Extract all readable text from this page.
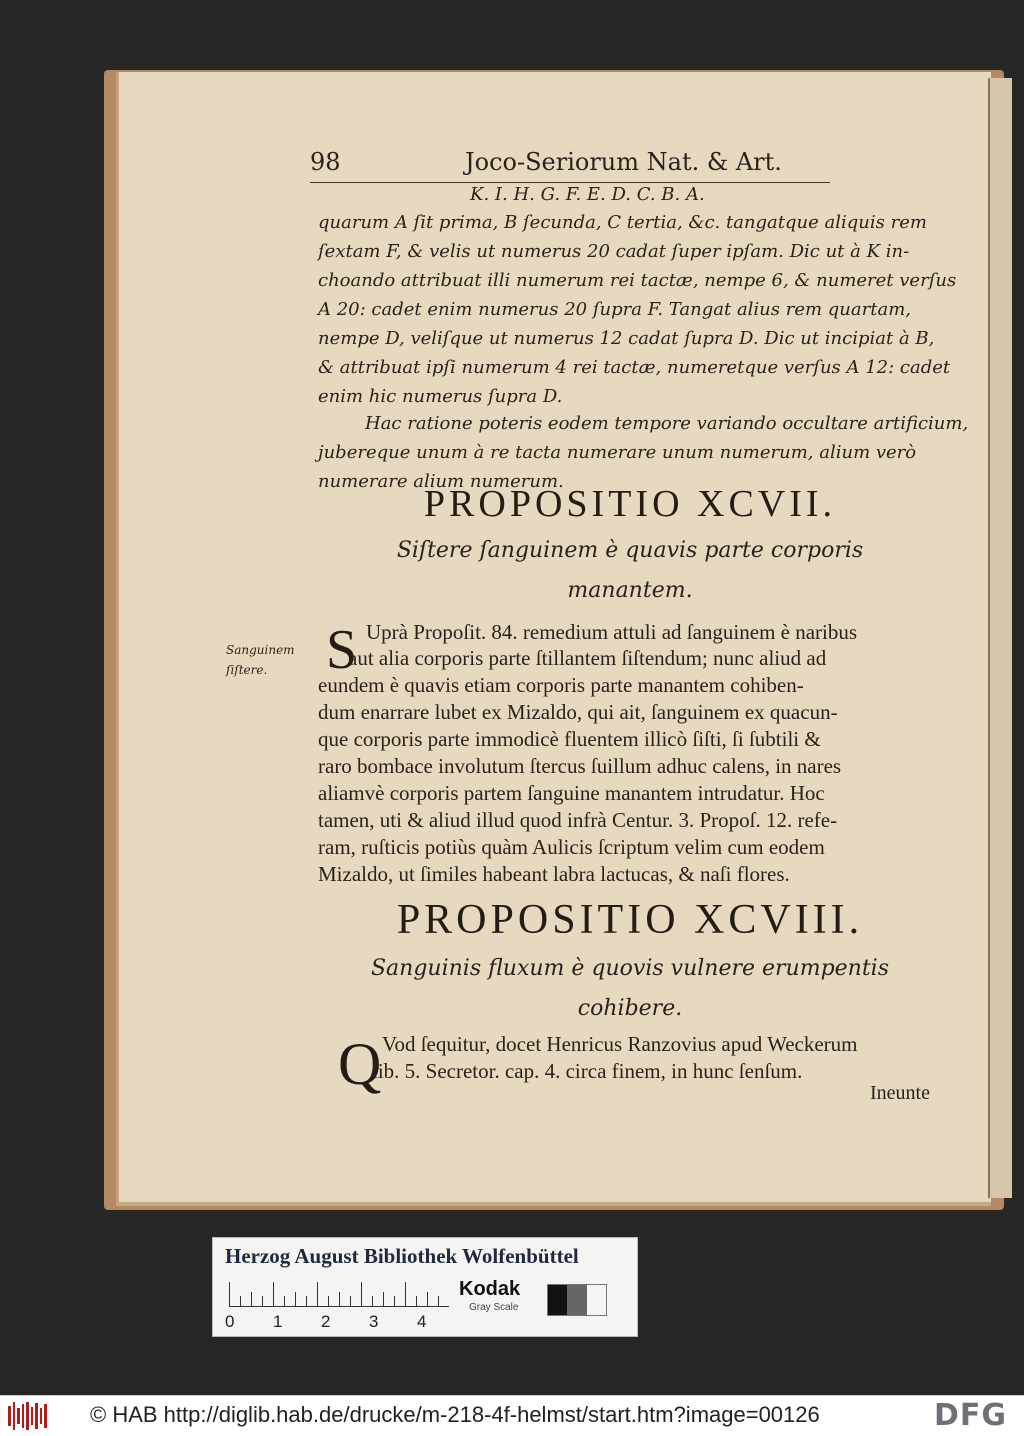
98	Joco-Seriorum Nat. & Art.
K. I. H. G. F. E. D. C. B. A.
quarum A ſit prima, B ſecunda, C tertia, &c. tangatque aliquis rem
ſextam F, & velis ut numerus 20 cadat ſuper ipſam. Dic ut à K in-
choando attribuat illi numerum rei tactæ, nempe 6, & numeret verſus
A 20: cadet enim numerus 20 ſupra F. Tangat alius rem quartam,
nempe D, veliſque ut numerus 12 cadat ſupra D. Dic ut incipiat à B,
& attribuat ipſi numerum 4 rei tactæ, numeretque verſus A 12: cadet
enim hic numerus ſupra D.
Hac ratione poteris eodem tempore variando occultare artificium,
jubereque unum à re tacta numerare unum numerum, alium verò
numerare alium numerum.
PROPOSITIO XCVII.
Siſtere ſanguinem è quavis parte corporis
manantem.
Sanguinem
ſiſtere.	S Uprà Propoſit. 84. remedium attuli ad ſanguinem è naribus
aut alia corporis parte ſtillantem ſiſtendum; nunc aliud ad
eundem è quavis etiam corporis parte manantem cohiben-
dum enarrare lubet ex Mizaldo, qui ait, ſanguinem ex quacun-
que corporis parte immodicè fluentem illicò ſiſti, ſi ſubtili &
raro bombace involutum ſtercus ſuillum adhuc calens, in nares
aliamvè corporis partem ſanguine manantem intrudatur. Hoc
tamen, uti & aliud illud quod infrà Centur. 3. Propoſ. 12. refe-
ram, ruſticis potiùs quàm Aulicis ſcriptum velim cum eodem
Mizaldo, ut ſimiles habeant labra lactucas, & naſi flores.
PROPOSITIO XCVIII.
Sanguinis fluxum è quovis vulnere erumpentis
cohibere.
Q Vod ſequitur, docet Henricus Ranzovius apud Weckerum
lib. 5. Secretor. cap. 4. circa finem, in hunc ſenſum.
Ineunte
Herzog August Bibliothek Wolfenbüttel
0 1 2 3 4
Kodak
Gray Scale
© HAB http://diglib.hab.de/drucke/m-218-4f-helmst/start.htm?image=00126	DFG
